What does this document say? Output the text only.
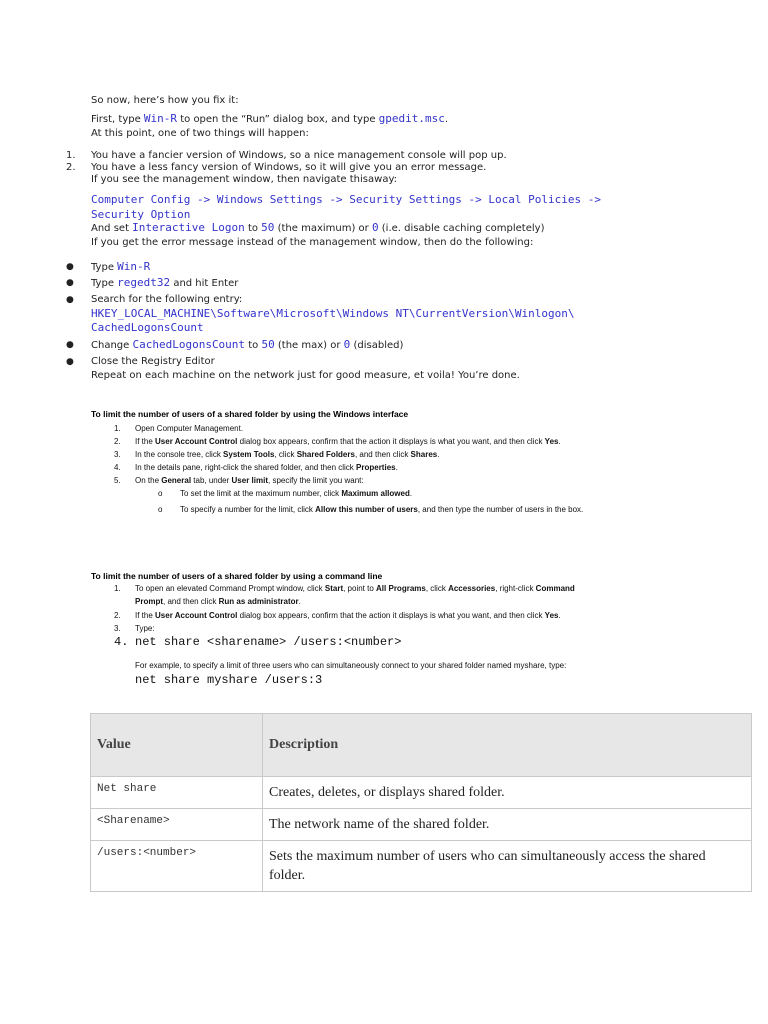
So now, here’s how you fix it:
First, type Win-R to open the “Run” dialog box, and type gpedit.msc.
At this point, one of two things will happen:
1. You have a fancier version of Windows, so a nice management console will pop up.
2. You have a less fancy version of Windows, so it will give you an error message.
If you see the management window, then navigate thisaway:
Computer Config -> Windows Settings -> Security Settings -> Local Policies ->
Security Option
And set Interactive Logon to 50 (the maximum) or 0 (i.e. disable caching completely)
If you get the error message instead of the management window, then do the following:
● Type Win-R
● Type regedt32 and hit Enter
● Search for the following entry:
HKEY_LOCAL_MACHINE\Software\Microsoft\Windows NT\CurrentVersion\Winlogon\
CachedLogonsCount
● Change CachedLogonsCount to 50 (the max) or 0 (disabled)
● Close the Registry Editor
Repeat on each machine on the network just for good measure, et voila! You’re done.
To limit the number of users of a shared folder by using the Windows interface
1. Open Computer Management.
2. If the User Account Control dialog box appears, confirm that the action it displays is what you want, and then click Yes.
3. In the console tree, click System Tools, click Shared Folders, and then click Shares.
4. In the details pane, right-click the shared folder, and then click Properties.
5. On the General tab, under User limit, specify the limit you want:
o To set the limit at the maximum number, click Maximum allowed.
o To specify a number for the limit, click Allow this number of users, and then type the number of users in the box.
To limit the number of users of a shared folder by using a command line
1. To open an elevated Command Prompt window, click Start, point to All Programs, click Accessories, right-click Command
Prompt, and then click Run as administrator.
2. If the User Account Control dialog box appears, confirm that the action it displays is what you want, and then click Yes.
3. Type:
4. net share <sharename> /users:<number>
For example, to specify a limit of three users who can simultaneously connect to your shared folder named myshare, type:
net share myshare /users:3
Value	Description
Net share	Creates, deletes, or displays shared folder.
<Sharename>	The network name of the shared folder.
/users:<number>	Sets the maximum number of users who can simultaneously access the shared folder.
